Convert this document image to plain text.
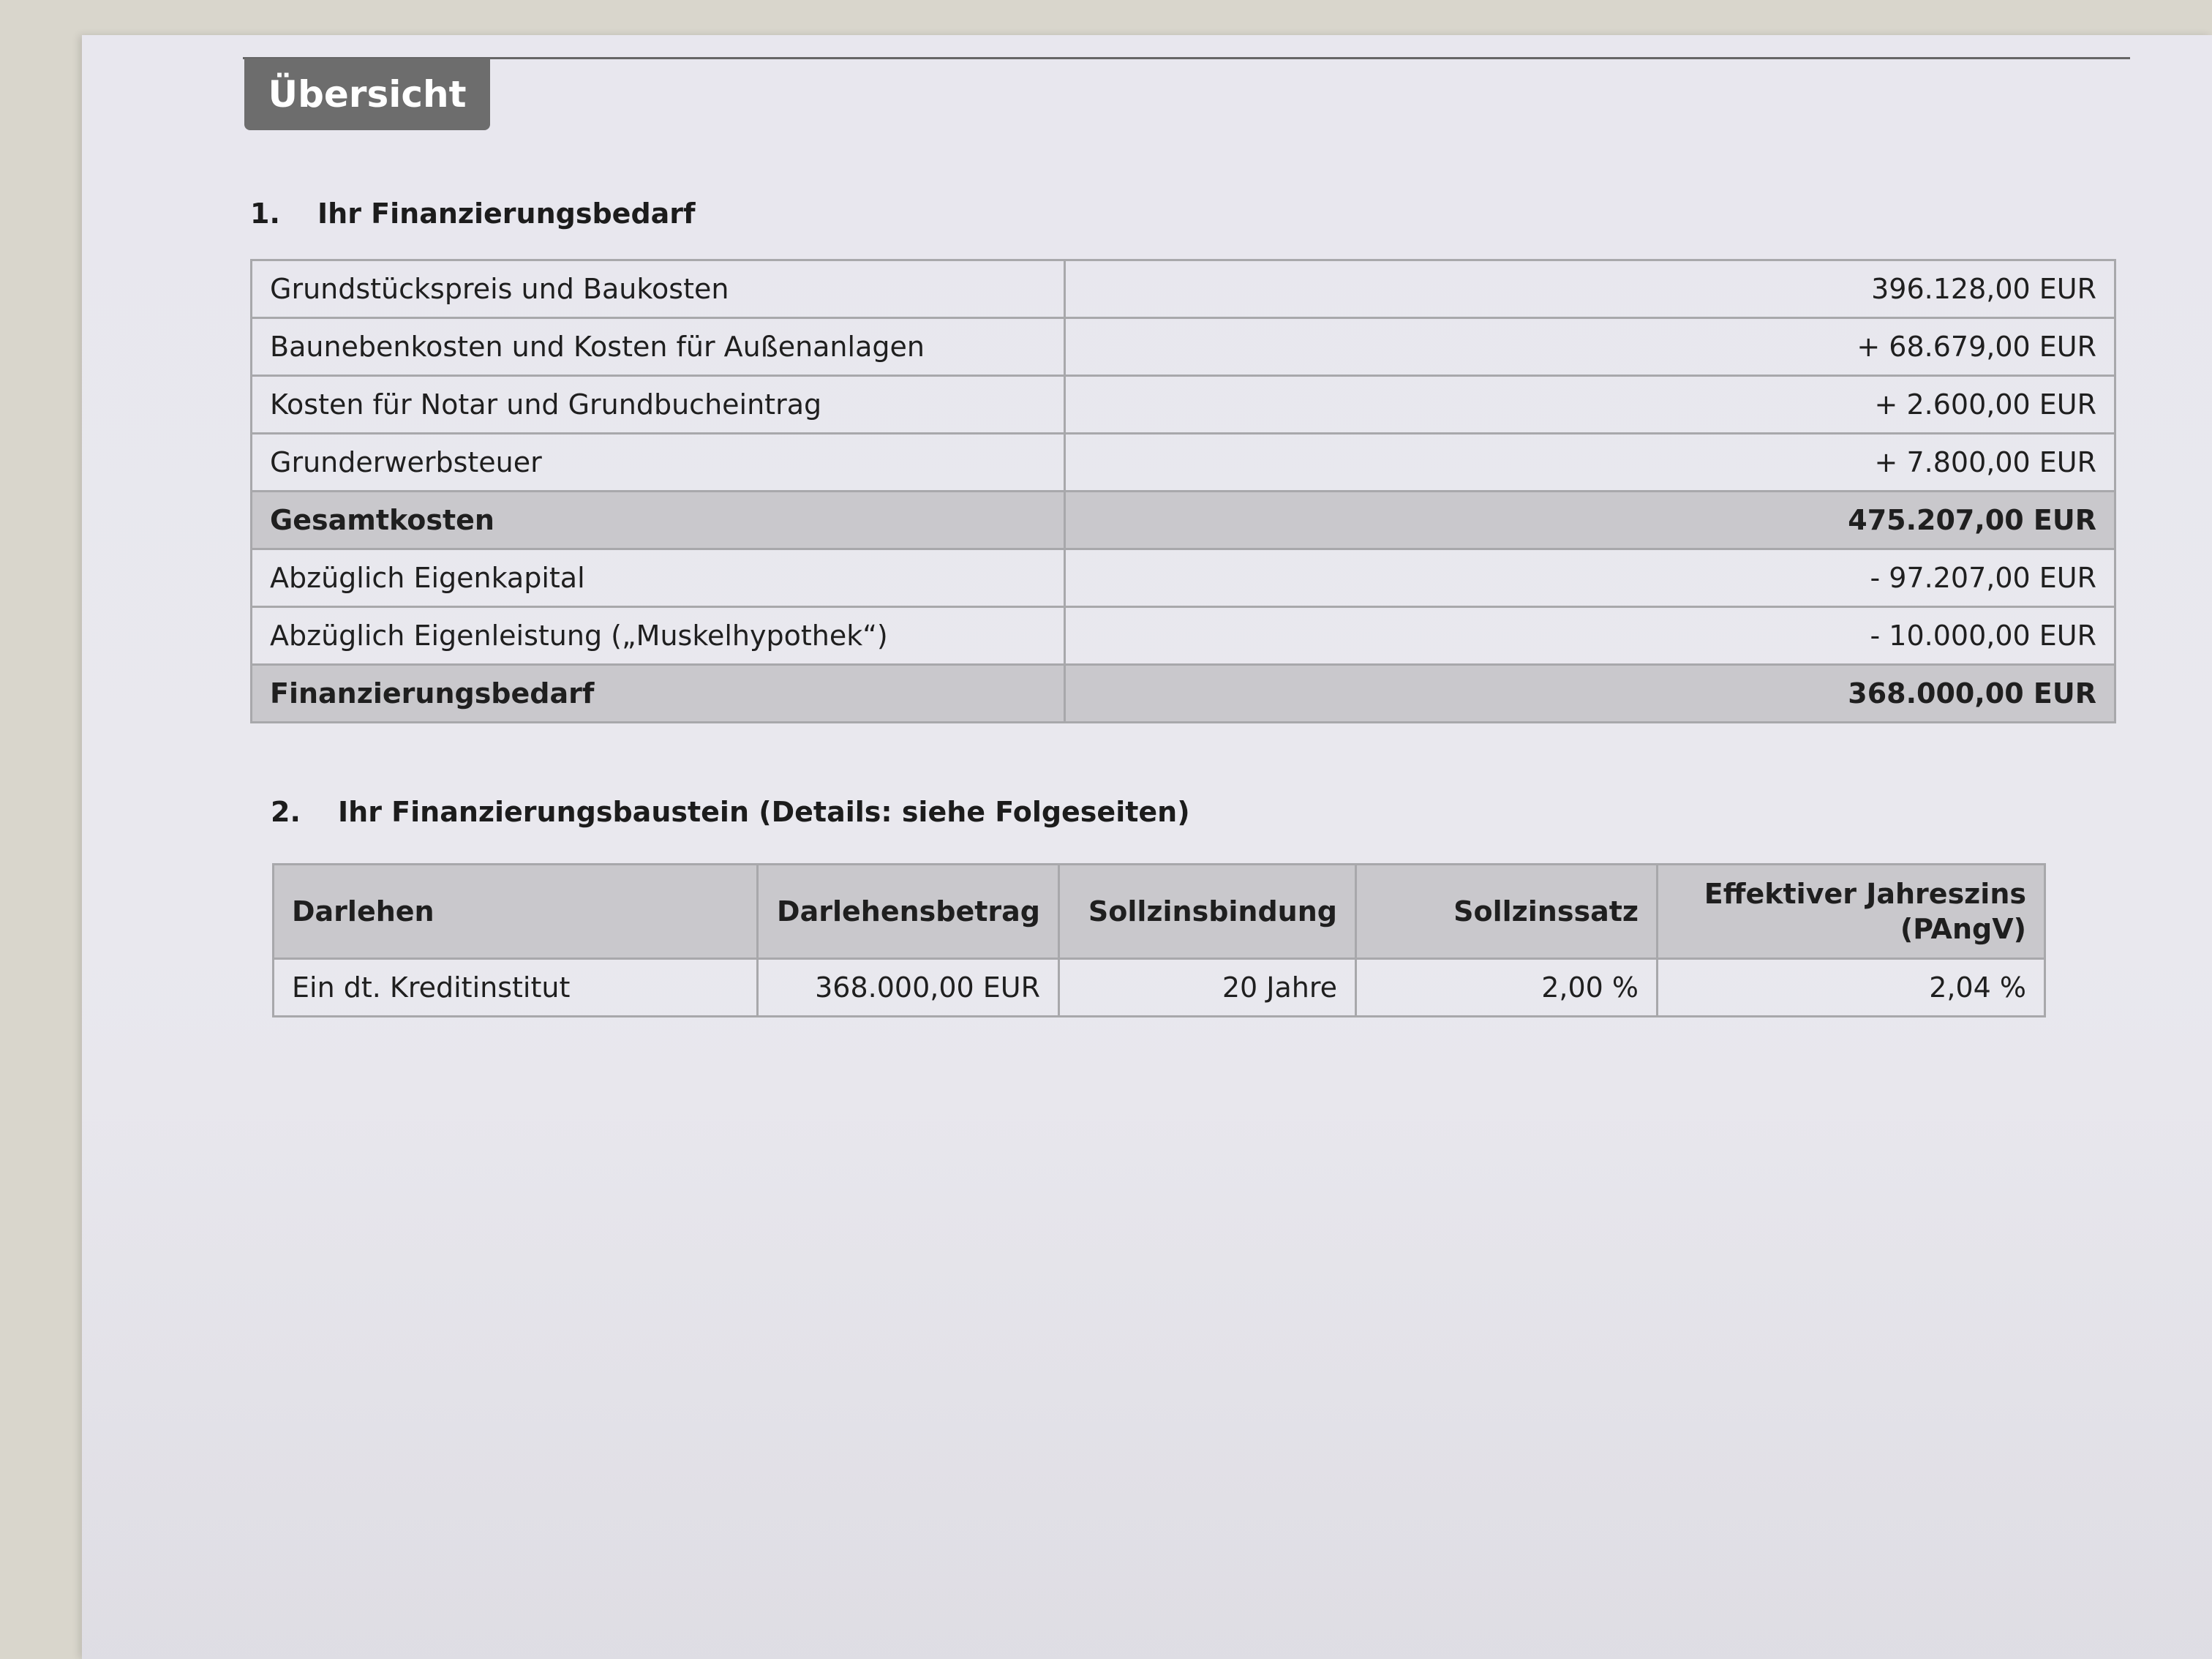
Übersicht
1.	Ihr Finanzierungsbedarf
Grundstückspreis und Baukosten	396.128,00 EUR
Baunebenkosten und Kosten für Außenanlagen	+ 68.679,00 EUR
Kosten für Notar und Grundbucheintrag	+ 2.600,00 EUR
Grunderwerbsteuer	+ 7.800,00 EUR
Gesamtkosten	475.207,00 EUR
Abzüglich Eigenkapital	- 97.207,00 EUR
Abzüglich Eigenleistung („Muskelhypothek“)	- 10.000,00 EUR
Finanzierungsbedarf	368.000,00 EUR
2.	Ihr Finanzierungsbaustein (Details: siehe Folgeseiten)
Darlehen	Darlehensbetrag	Sollzinsbindung	Sollzinssatz	Effektiver Jahreszins
(PAngV)
Ein dt. Kreditinstitut	368.000,00 EUR	20 Jahre	2,00 %	2,04 %
